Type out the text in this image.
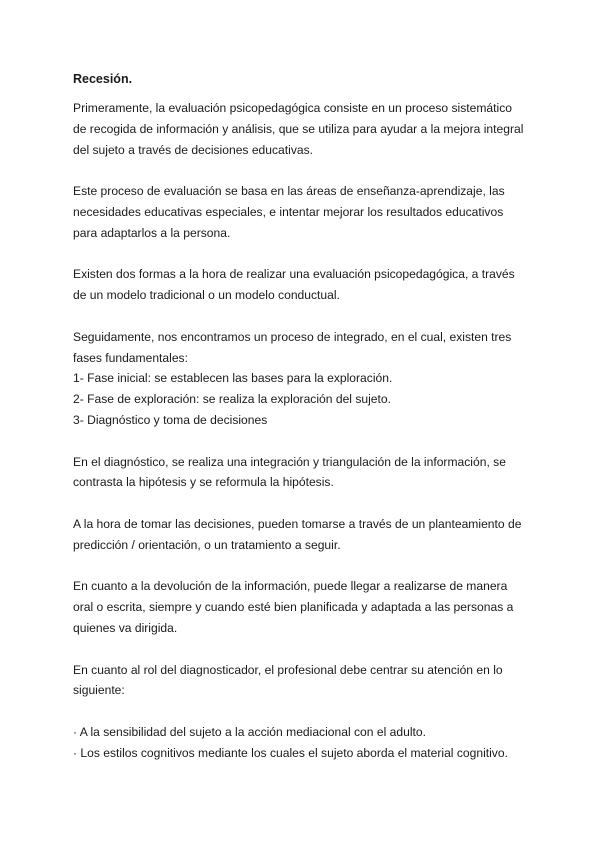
Recesión.
Primeramente, la evaluación psicopedagógica consiste en un proceso sistemático
de recogida de información y análisis, que se utiliza para ayudar a la mejora integral
del sujeto a través de decisiones educativas.
Este proceso de evaluación se basa en las áreas de enseñanza-aprendizaje, las
necesidades educativas especiales, e intentar mejorar los resultados educativos
para adaptarlos a la persona.
Existen dos formas a la hora de realizar una evaluación psicopedagógica, a través
de un modelo tradicional o un modelo conductual.
Seguidamente, nos encontramos un proceso de integrado, en el cual, existen tres
fases fundamentales:
1- Fase inicial: se establecen las bases para la exploración.
2- Fase de exploración: se realiza la exploración del sujeto.
3- Diagnóstico y toma de decisiones
En el diagnóstico, se realiza una integración y triangulación de la información, se
contrasta la hipótesis y se reformula la hipótesis.
A la hora de tomar las decisiones, pueden tomarse a través de un planteamiento de
predicción / orientación, o un tratamiento a seguir.
En cuanto a la devolución de la información, puede llegar a realizarse de manera
oral o escrita, siempre y cuando esté bien planificada y adaptada a las personas a
quienes va dirigida.
En cuanto al rol del diagnosticador, el profesional debe centrar su atención en lo
siguiente:
· A la sensibilidad del sujeto a la acción mediacional con el adulto.
· Los estilos cognitivos mediante los cuales el sujeto aborda el material cognitivo.
